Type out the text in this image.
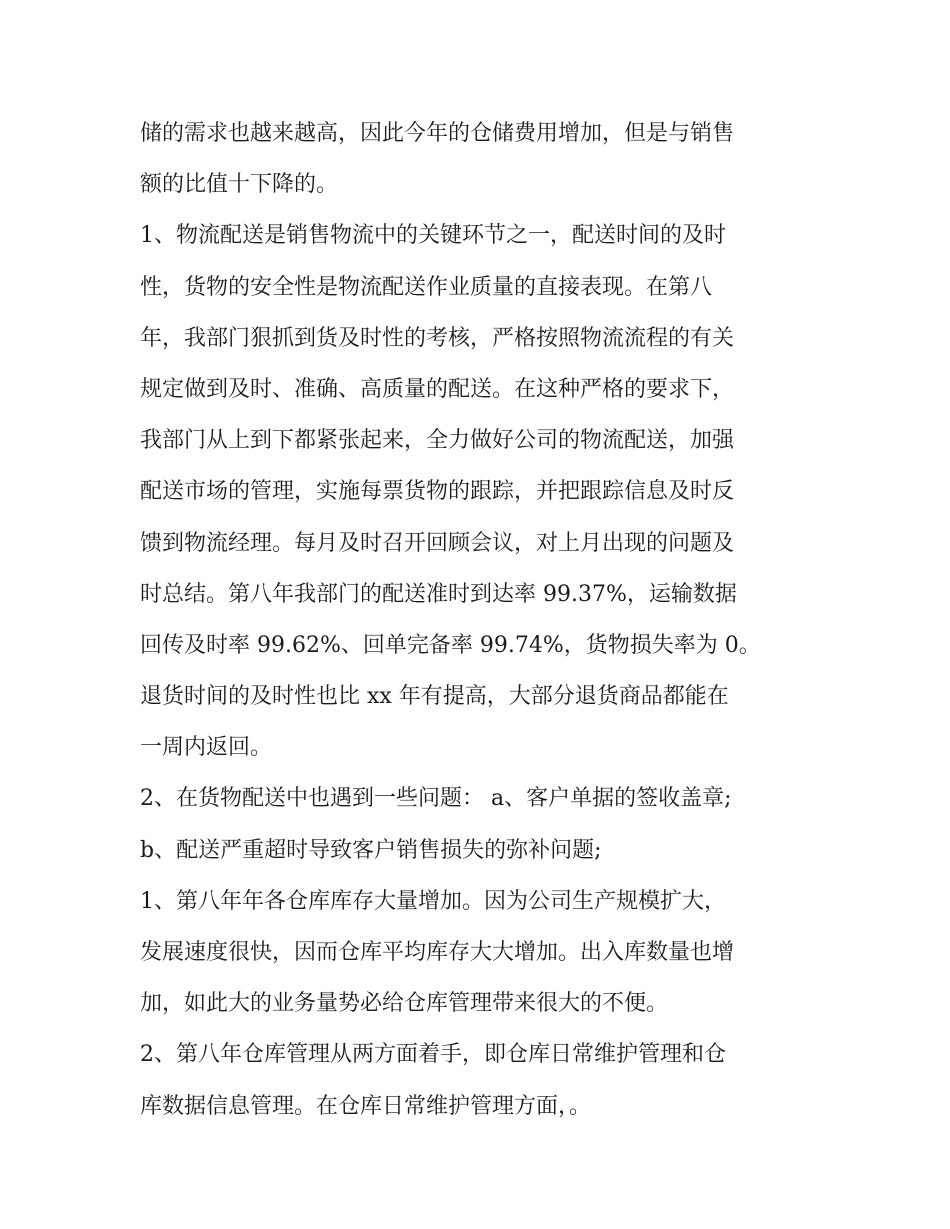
储的需求也越来越高，因此今年的仓储费用增加，但是与销售
额的比值十下降的。
1、物流配送是销售物流中的关键环节之一，配送时间的及时
性，货物的安全性是物流配送作业质量的直接表现。在第八
年，我部门狠抓到货及时性的考核，严格按照物流流程的有关
规定做到及时、准确、高质量的配送。在这种严格的要求下，
我部门从上到下都紧张起来，全力做好公司的物流配送，加强
配送市场的管理，实施每票货物的跟踪，并把跟踪信息及时反
馈到物流经理。每月及时召开回顾会议，对上月出现的问题及
时总结。第八年我部门的配送准时到达率 99.37%，运输数据
回传及时率 99.62%、回单完备率 99.74%，货物损失率为 0。
退货时间的及时性也比 xx 年有提高，大部分退货商品都能在
一周内返回。
2、在货物配送中也遇到一些问题： a、客户单据的签收盖章;
b、配送严重超时导致客户销售损失的弥补问题;
1、第八年年各仓库库存大量增加。因为公司生产规模扩大，
发展速度很快，因而仓库平均库存大大增加。出入库数量也增
加，如此大的业务量势必给仓库管理带来很大的不便。
2、第八年仓库管理从两方面着手，即仓库日常维护管理和仓
库数据信息管理。在仓库日常维护管理方面，。
